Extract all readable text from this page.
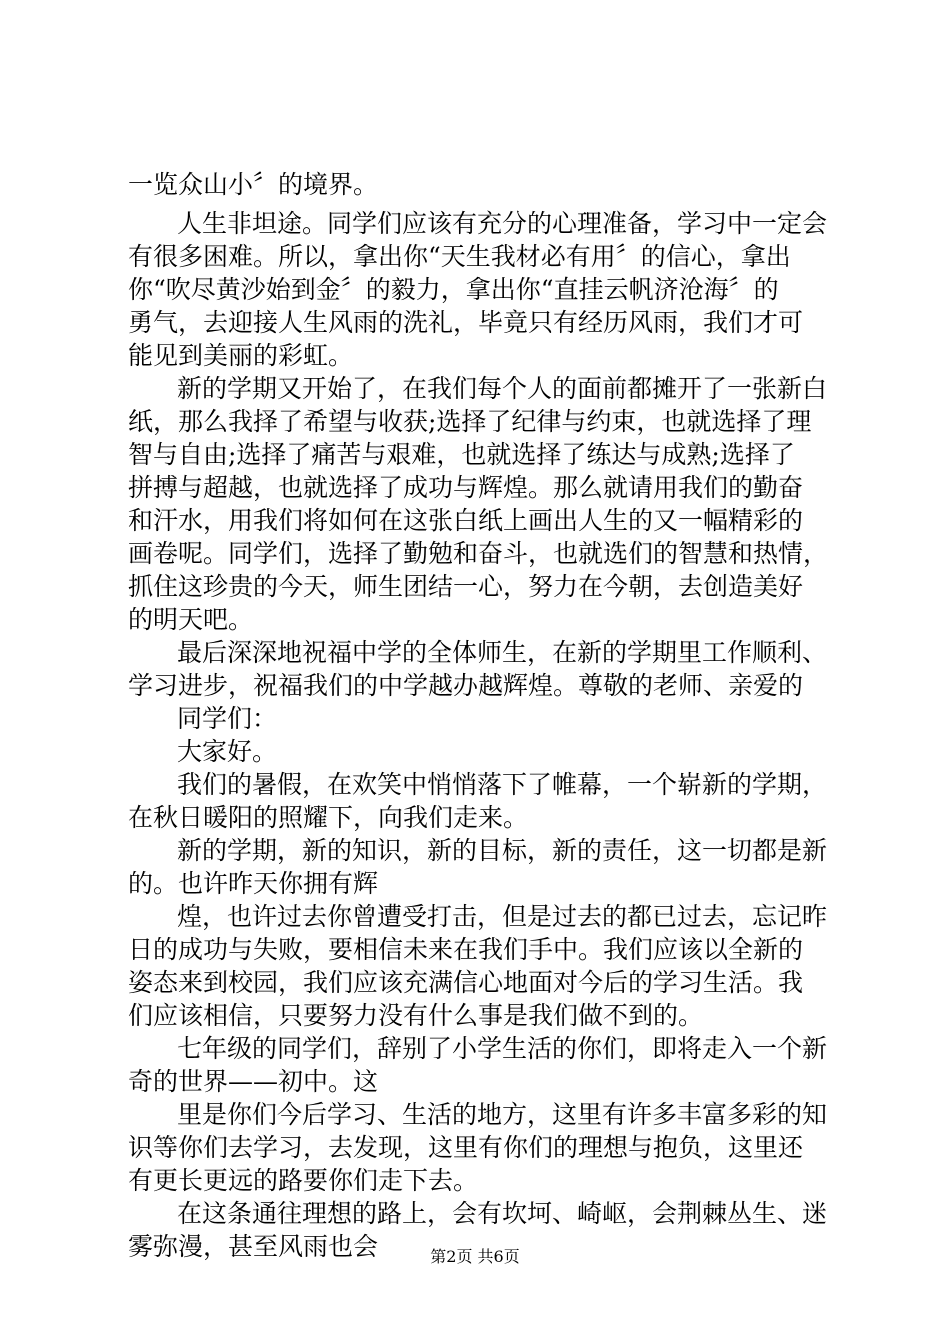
一览众山小〞的境界。
人生非坦途。同学们应该有充分的心理准备，学习中一定会
有很多困难。所以，拿出你“天生我材必有用〞的信心，拿出
你“吹尽黄沙始到金〞的毅力，拿出你“直挂云帆济沧海〞的
勇气，去迎接人生风雨的洗礼，毕竟只有经历风雨，我们才可
能见到美丽的彩虹。
新的学期又开始了，在我们每个人的面前都摊开了一张新白
纸，那么我择了希望与收获;选择了纪律与约束，也就选择了理
智与自由;选择了痛苦与艰难，也就选择了练达与成熟;选择了
拼搏与超越，也就选择了成功与辉煌。那么就请用我们的勤奋
和汗水，用我们将如何在这张白纸上画出人生的又一幅精彩的
画卷呢。同学们，选择了勤勉和奋斗，也就选们的智慧和热情，
抓住这珍贵的今天，师生团结一心，努力在今朝，去创造美好
的明天吧。
最后深深地祝福中学的全体师生，在新的学期里工作顺利、
学习进步，祝福我们的中学越办越辉煌。尊敬的老师、亲爱的
同学们：
大家好。
我们的暑假，在欢笑中悄悄落下了帷幕，一个崭新的学期，
在秋日暖阳的照耀下，向我们走来。
新的学期，新的知识，新的目标，新的责任，这一切都是新
的。也许昨天你拥有辉
煌，也许过去你曾遭受打击，但是过去的都已过去，忘记昨
日的成功与失败，要相信未来在我们手中。我们应该以全新的
姿态来到校园，我们应该充满信心地面对今后的学习生活。我
们应该相信，只要努力没有什么事是我们做不到的。
七年级的同学们，辞别了小学生活的你们，即将走入一个新
奇的世界——初中。这
里是你们今后学习、生活的地方，这里有许多丰富多彩的知
识等你们去学习，去发现，这里有你们的理想与抱负，这里还
有更长更远的路要你们走下去。
在这条通往理想的路上，会有坎坷、崎岖，会荆棘丛生、迷
雾弥漫，甚至风雨也会	第2页 共6页
